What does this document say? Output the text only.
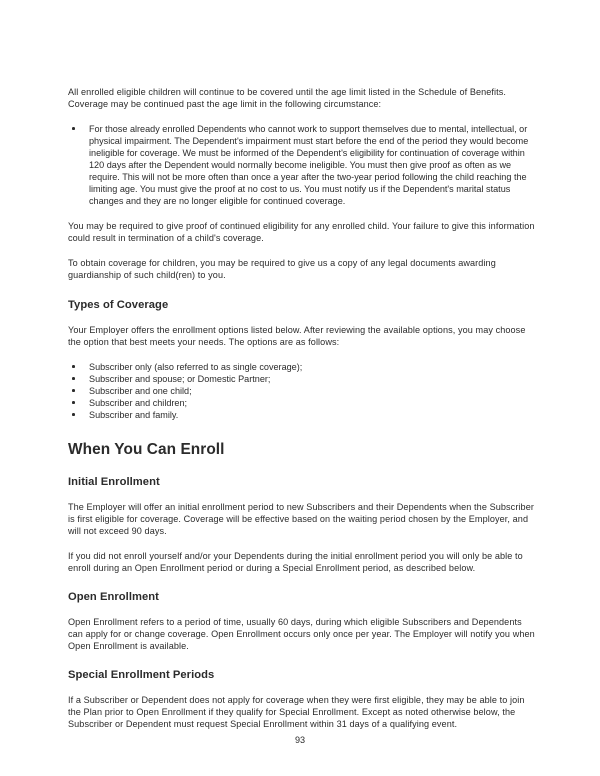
All enrolled eligible children will continue to be covered until the age limit listed in the Schedule of Benefits. Coverage may be continued past the age limit in the following circumstance:

For those already enrolled Dependents who cannot work to support themselves due to mental, intellectual, or physical impairment. The Dependent's impairment must start before the end of the period they would become ineligible for coverage. We must be informed of the Dependent's eligibility for continuation of coverage within 120 days after the Dependent would normally become ineligible. You must then give proof as often as we require. This will not be more often than once a year after the two-year period following the child reaching the limiting age. You must give the proof at no cost to us. You must notify us if the Dependent's marital status changes and they are no longer eligible for continued coverage.

You may be required to give proof of continued eligibility for any enrolled child. Your failure to give this information could result in termination of a child's coverage.

To obtain coverage for children, you may be required to give us a copy of any legal documents awarding guardianship of such child(ren) to you.

Types of Coverage

Your Employer offers the enrollment options listed below. After reviewing the available options, you may choose the option that best meets your needs. The options are as follows:

Subscriber only (also referred to as single coverage);
Subscriber and spouse; or Domestic Partner;
Subscriber and one child;
Subscriber and children;
Subscriber and family.
When You Can Enroll
Initial Enrollment

The Employer will offer an initial enrollment period to new Subscribers and their Dependents when the Subscriber is first eligible for coverage. Coverage will be effective based on the waiting period chosen by the Employer, and will not exceed 90 days.

If you did not enroll yourself and/or your Dependents during the initial enrollment period you will only be able to enroll during an Open Enrollment period or during a Special Enrollment period, as described below.

Open Enrollment

Open Enrollment refers to a period of time, usually 60 days, during which eligible Subscribers and Dependents can apply for or change coverage. Open Enrollment occurs only once per year. The Employer will notify you when Open Enrollment is available.

Special Enrollment Periods

If a Subscriber or Dependent does not apply for coverage when they were first eligible, they may be able to join the Plan prior to Open Enrollment if they qualify for Special Enrollment. Except as noted otherwise below, the Subscriber or Dependent must request Special Enrollment within 31 days of a qualifying event.

93
